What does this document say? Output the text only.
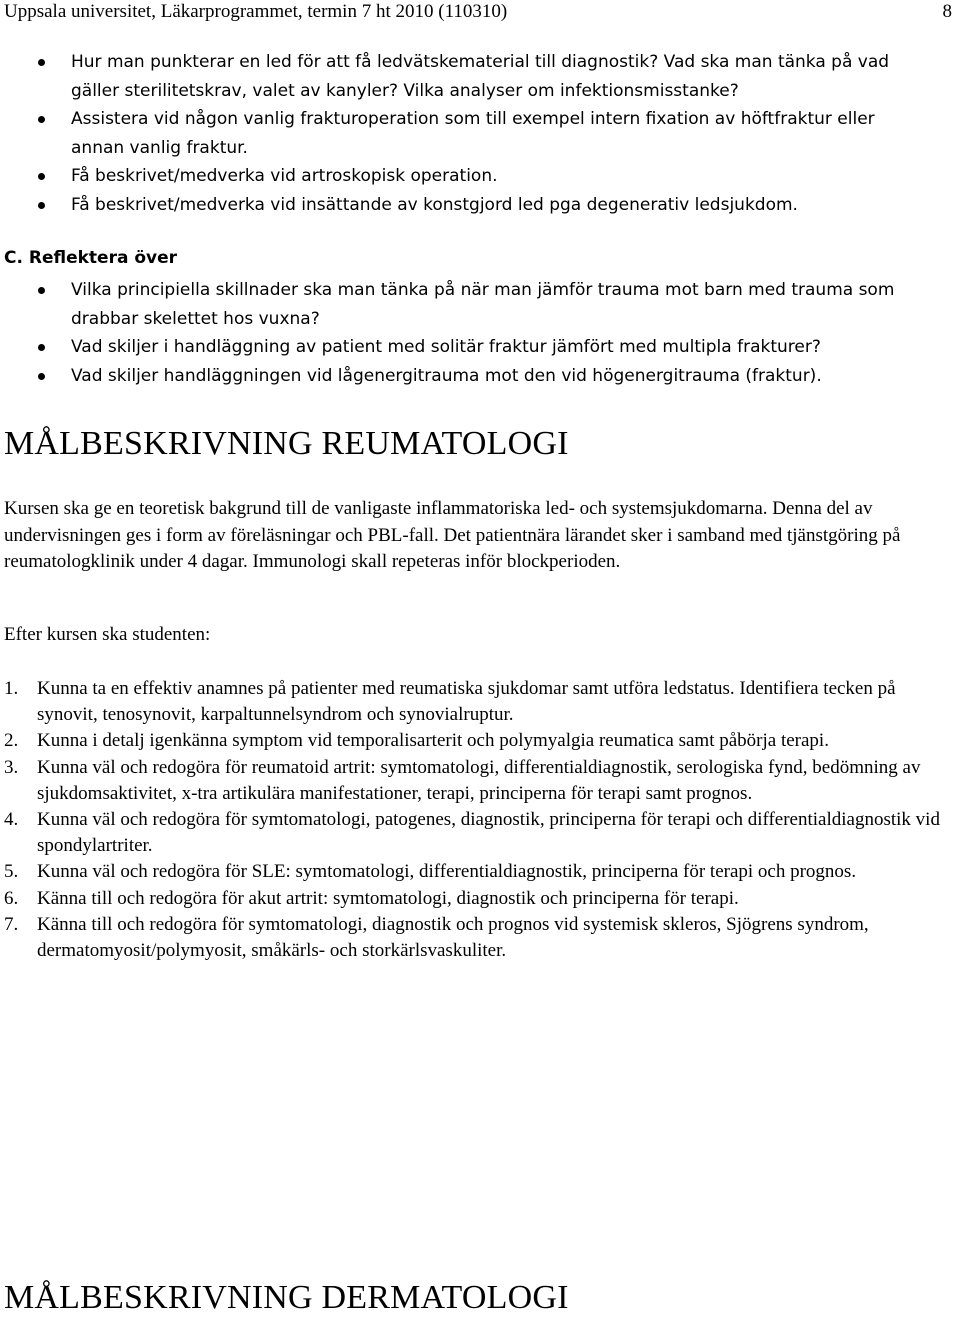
Uppsala universitet, Läkarprogrammet, termin 7 ht 2010 (110310)	8
Hur man punkterar en led för att få ledvätskematerial till diagnostik? Vad ska man tänka på vad
gäller sterilitetskrav, valet av kanyler? Vilka analyser om infektionsmisstanke?
Assistera vid någon vanlig frakturoperation som till exempel intern fixation av höftfraktur eller
annan vanlig fraktur.
Få beskrivet/medverka vid artroskopisk operation.
Få beskrivet/medverka vid insättande av konstgjord led pga degenerativ ledsjukdom.
C. Reflektera över
Vilka principiella skillnader ska man tänka på när man jämför trauma mot barn med trauma som drabbar skelettet hos vuxna?
Vad skiljer i handläggning av patient med solitär fraktur jämfört med multipla frakturer?
Vad skiljer handläggningen vid lågenergitrauma mot den vid högenergitrauma (fraktur).
MÅLBESKRIVNING REUMATOLOGI

Kursen ska ge en teoretisk bakgrund till de vanligaste inflammatoriska led- och systemsjukdomarna. Denna del av undervisningen ges i form av föreläsningar och PBL-fall. Det patientnära lärandet sker i samband med tjänstgöring på reumatologklinik under 4 dagar. Immunologi skall repeteras inför blockperioden.

Efter kursen ska studenten:

1. Kunna ta en effektiv anamnes på patienter med reumatiska sjukdomar samt utföra ledstatus. Identifiera tecken på synovit, tenosynovit, karpaltunnelsyndrom och synovialruptur.
2. Kunna i detalj igenkänna symptom vid temporalisarterit och polymyalgia reumatica samt påbörja terapi.
3. Kunna väl och redogöra för reumatoid artrit: symtomatologi, differentialdiagnostik, serologiska fynd, bedömning av sjukdomsaktivitet, x-tra artikulära manifestationer, terapi, principerna för terapi samt prognos.
4. Kunna väl och redogöra för symtomatologi, patogenes, diagnostik, principerna för terapi och differentialdiagnostik vid spondylartriter.
5. Kunna väl och redogöra för SLE: symtomatologi, differentialdiagnostik, principerna för terapi och prognos.
6. Känna till och redogöra för akut artrit: symtomatologi, diagnostik och principerna för terapi.
7. Känna till och redogöra för symtomatologi, diagnostik och prognos vid systemisk skleros, Sjögrens syndrom, dermatomyosit/polymyosit, småkärls- och storkärlsvaskuliter.
MÅLBESKRIVNING DERMATOLOGI
